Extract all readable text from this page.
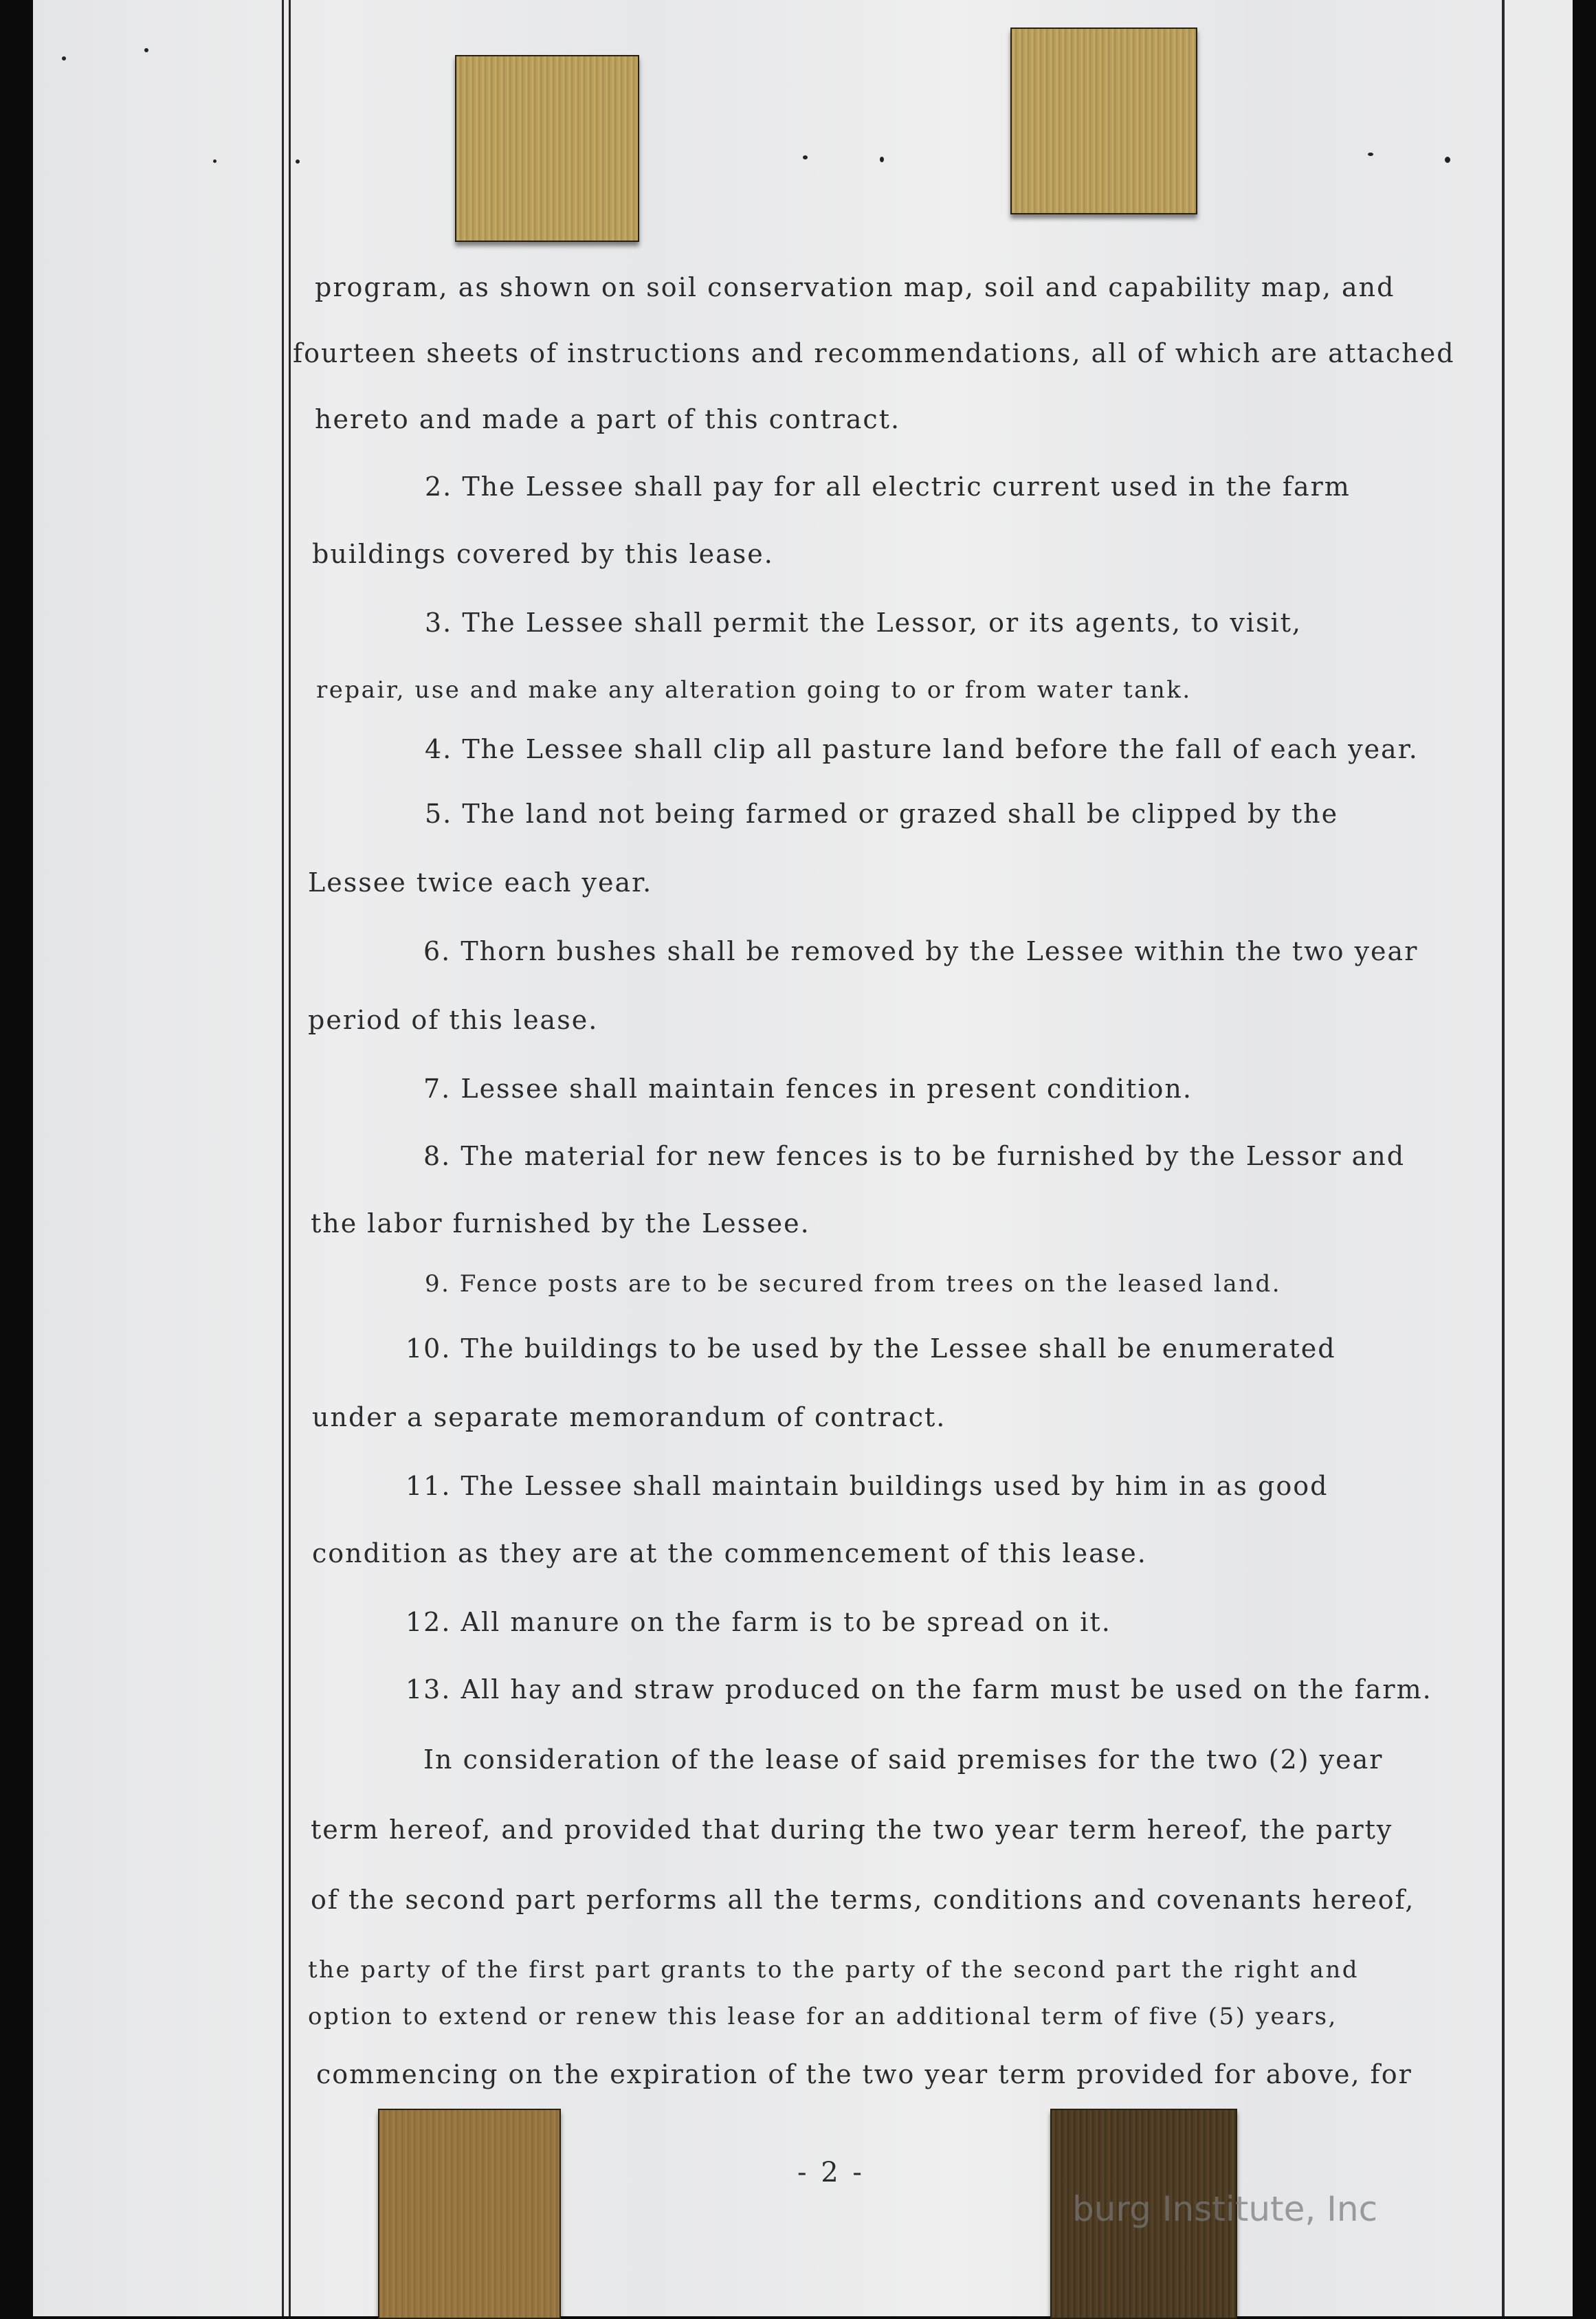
program, as shown on soil conservation map, soil and capability map, and
fourteen sheets of instructions and recommendations, all of which are attached
hereto and made a part of this contract.
2. The Lessee shall pay for all electric current used in the farm
buildings covered by this lease.
3. The Lessee shall permit the Lessor, or its agents, to visit,
repair, use and make any alteration going to or from water tank.
4. The Lessee shall clip all pasture land before the fall of each year.
5. The land not being farmed or grazed shall be clipped by the
Lessee twice each year.
6. Thorn bushes shall be removed by the Lessee within the two year
period of this lease.
7. Lessee shall maintain fences in present condition.
8. The material for new fences is to be furnished by the Lessor and
the labor furnished by the Lessee.
9. Fence posts are to be secured from trees on the leased land.
10. The buildings to be used by the Lessee shall be enumerated
under a separate memorandum of contract.
11. The Lessee shall maintain buildings used by him in as good
condition as they are at the commencement of this lease.
12. All manure on the farm is to be spread on it.
13. All hay and straw produced on the farm must be used on the farm.
In consideration of the lease of said premises for the two (2) year
term hereof, and provided that during the two year term hereof, the party
of the second part performs all the terms, conditions and covenants hereof,
the party of the first part grants to the party of the second part the right and
option to extend or renew this lease for an additional term of five (5) years,
commencing on the expiration of the two year term provided for above, for
- 2 -
burg Institute, Inc
